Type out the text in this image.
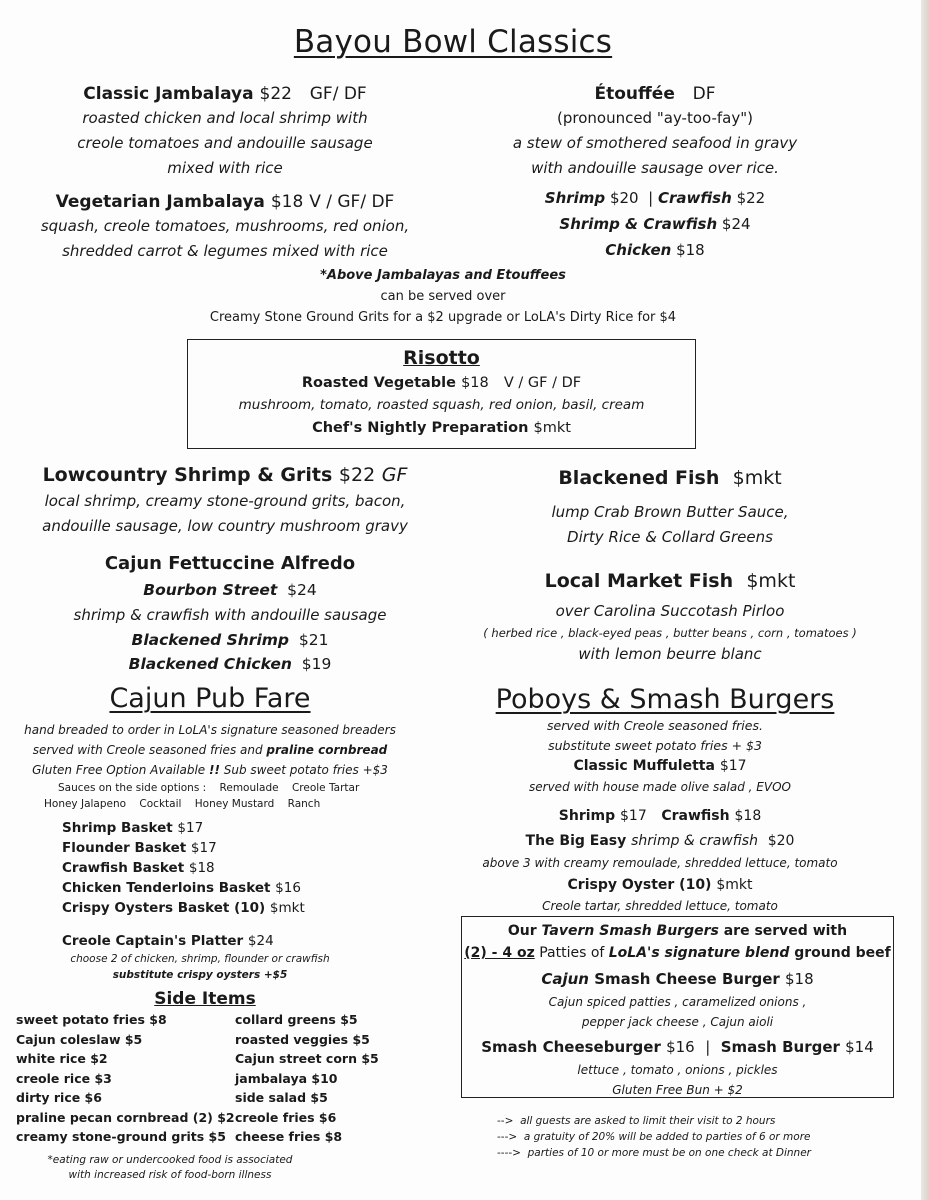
Bayou Bowl Classics
Classic Jambalaya $22 GF/ DF
roasted chicken and local shrimp with
creole tomatoes and andouille sausage
mixed with rice
Vegetarian Jambalaya $18 V / GF/ DF
squash, creole tomatoes, mushrooms, red onion,
shredded carrot & legumes mixed with rice
Étouffée DF
(pronounced "ay-too-fay")
a stew of smothered seafood in gravy
with andouille sausage over rice.
Shrimp $20 | Crawfish $22
Shrimp & Crawfish $24
Chicken $18
*Above Jambalayas and Etouffees
can be served over
Creamy Stone Ground Grits for a $2 upgrade or LoLA's Dirty Rice for $4
Risotto
Roasted Vegetable $18 V / GF / DF
mushroom, tomato, roasted squash, red onion, basil, cream
Chef's Nightly Preparation $mkt
Lowcountry Shrimp & Grits $22 GF
local shrimp, creamy stone-ground grits, bacon,
andouille sausage, low country mushroom gravy
Cajun Fettuccine Alfredo
Bourbon Street $24
shrimp & crawfish with andouille sausage
Blackened Shrimp $21
Blackened Chicken $19
Blackened Fish $mkt
lump Crab Brown Butter Sauce,
Dirty Rice & Collard Greens
Local Market Fish $mkt
over Carolina Succotash Pirloo
( herbed rice , black-eyed peas , butter beans , corn , tomatoes )
with lemon beurre blanc
Cajun Pub Fare
hand breaded to order in LoLA's signature seasoned breaders
served with Creole seasoned fries and praline cornbread
Gluten Free Option Available !! Sub sweet potato fries +$3
Sauces on the side options :    Remoulade    Creole Tartar
Honey Jalapeno    Cocktail    Honey Mustard    Ranch
Shrimp Basket $17
Flounder Basket $17
Crawfish Basket $18
Chicken Tenderloins Basket $16
Crispy Oysters Basket (10) $mkt
Creole Captain's Platter $24
choose 2 of chicken, shrimp, flounder or crawfish
substitute crispy oysters +$5
Side Items
sweet potato fries $8
Cajun coleslaw $5
white rice $2
creole rice $3
dirty rice $6
praline pecan cornbread (2) $2
creamy stone-ground grits $5
collard greens $5
roasted veggies $5
Cajun street corn $5
jambalaya $10
side salad $5
creole fries $6
cheese fries $8
*eating raw or undercooked food is associated
with increased risk of food-born illness
Poboys & Smash Burgers
served with Creole seasoned fries.
substitute sweet potato fries + $3
Classic Muffuletta $17
served with house made olive salad , EVOO
Shrimp $17 Crawfish $18
The Big Easy shrimp & crawfish $20
above 3 with creamy remoulade, shredded lettuce, tomato
Crispy Oyster (10) $mkt
Creole tartar, shredded lettuce, tomato
Our Tavern Smash Burgers are served with
(2) - 4 oz Patties of LoLA's signature blend ground beef
Cajun Smash Cheese Burger $18
Cajun spiced patties , caramelized onions ,
pepper jack cheese , Cajun aioli
Smash Cheeseburger $16 | Smash Burger $14
lettuce , tomato , onions , pickles
Gluten Free Bun + $2
--> all guests are asked to limit their visit to 2 hours
---> a gratuity of 20% will be added to parties of 6 or more
----> parties of 10 or more must be on one check at Dinner
